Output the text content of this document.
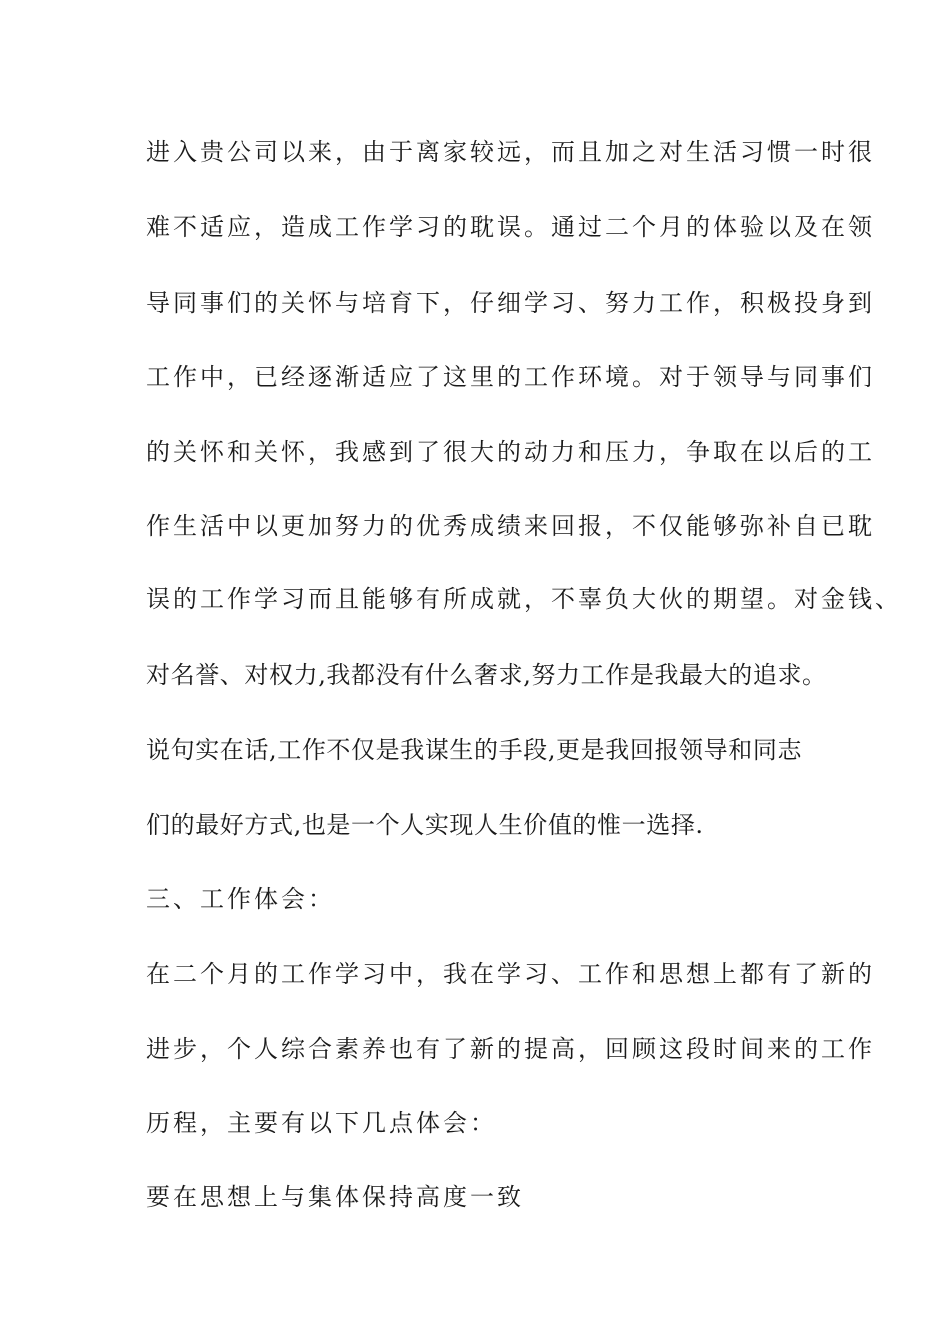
进入贵公司以来，由于离家较远，而且加之对生活习惯一时很
难不适应，造成工作学习的耽误。通过二个月的体验以及在领
导同事们的关怀与培育下，仔细学习、努力工作，积极投身到
工作中，已经逐渐适应了这里的工作环境。对于领导与同事们
的关怀和关怀，我感到了很大的动力和压力，争取在以后的工
作生活中以更加努力的优秀成绩来回报，不仅能够弥补自已耽
误的工作学习而且能够有所成就，不辜负大伙的期望。对金钱、
对名誉、对权力,我都没有什么奢求,努力工作是我最大的追求。
说句实在话,工作不仅是我谋生的手段,更是我回报领导和同志
们的最好方式,也是一个人实现人生价值的惟一选择.
三、工作体会：
在二个月的工作学习中，我在学习、工作和思想上都有了新的
进步，个人综合素养也有了新的提高，回顾这段时间来的工作
历程，主要有以下几点体会：
要在思想上与集体保持高度一致
